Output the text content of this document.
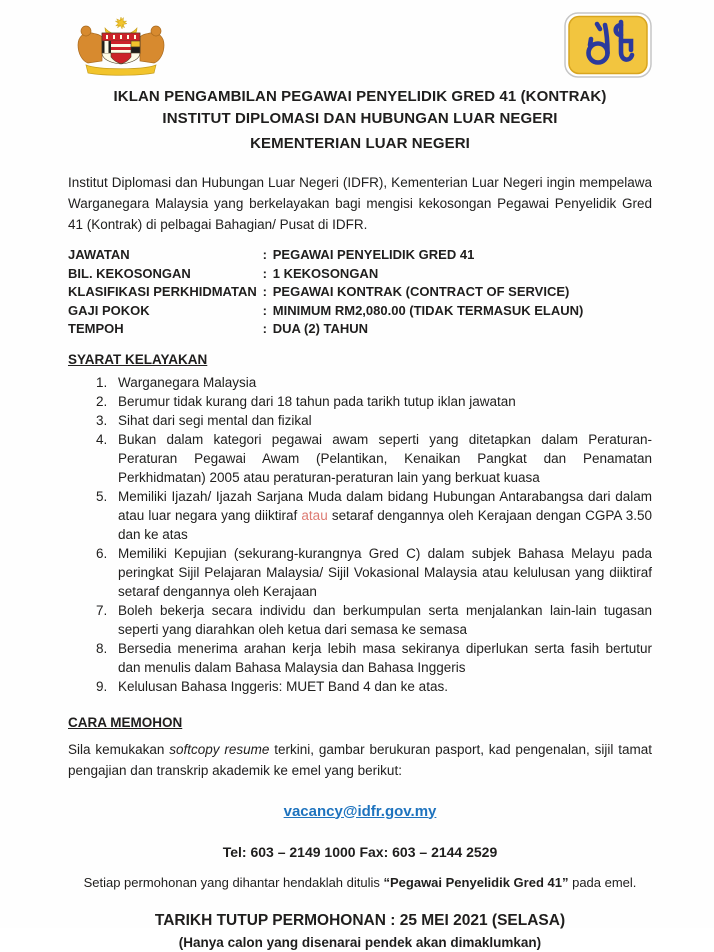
IKLAN PENGAMBILAN PEGAWAI PENYELIDIK GRED 41 (KONTRAK)
INSTITUT DIPLOMASI DAN HUBUNGAN LUAR NEGERI
KEMENTERIAN LUAR NEGERI

Institut Diplomasi dan Hubungan Luar Negeri (IDFR), Kementerian Luar Negeri ingin mempelawa Warganegara Malaysia yang berkelayakan bagi mengisi kekosongan Pegawai Penyelidik Gred 41 (Kontrak) di pelbagai Bahagian/ Pusat di IDFR.

JAWATAN	: PEGAWAI PENYELIDIK GRED 41
BIL. KEKOSONGAN	: 1 KEKOSONGAN
KLASIFIKASI PERKHIDMATAN : PEGAWAI KONTRAK (CONTRACT OF SERVICE)
GAJI POKOK	: MINIMUM RM2,080.00 (TIDAK TERMASUK ELAUN)
TEMPOH	: DUA (2) TAHUN
SYARAT KELAYAKAN
1. Warganegara Malaysia
2. Berumur tidak kurang dari 18 tahun pada tarikh tutup iklan jawatan
3. Sihat dari segi mental dan fizikal
4. Bukan dalam kategori pegawai awam seperti yang ditetapkan dalam Peraturan-Peraturan Pegawai Awam (Pelantikan, Kenaikan Pangkat dan Penamatan Perkhidmatan) 2005 atau peraturan-peraturan lain yang berkuat kuasa
5. Memiliki Ijazah/ Ijazah Sarjana Muda dalam bidang Hubungan Antarabangsa dari dalam atau luar negara yang diiktiraf atau setaraf dengannya oleh Kerajaan dengan CGPA 3.50 dan ke atas
6. Memiliki Kepujian (sekurang-kurangnya Gred C) dalam subjek Bahasa Melayu pada peringkat Sijil Pelajaran Malaysia/ Sijil Vokasional Malaysia atau kelulusan yang diiktiraf setaraf dengannya oleh Kerajaan
7. Boleh bekerja secara individu dan berkumpulan serta menjalankan lain-lain tugasan seperti yang diarahkan oleh ketua dari semasa ke semasa
8. Bersedia menerima arahan kerja lebih masa sekiranya diperlukan serta fasih bertutur dan menulis dalam Bahasa Malaysia dan Bahasa Inggeris
9. Kelulusan Bahasa Inggeris: MUET Band 4 dan ke atas.
CARA MEMOHON

Sila kemukakan softcopy resume terkini, gambar berukuran pasport, kad pengenalan, sijil tamat pengajian dan transkrip akademik ke emel yang berikut:

vacancy@idfr.gov.my
Tel: 603 – 2149 1000 Fax: 603 – 2144 2529
Setiap permohonan yang dihantar hendaklah ditulis “Pegawai Penyelidik Gred 41” pada emel.
TARIKH TUTUP PERMOHONAN : 25 MEI 2021 (SELASA)
(Hanya calon yang disenarai pendek akan dimaklumkan)
